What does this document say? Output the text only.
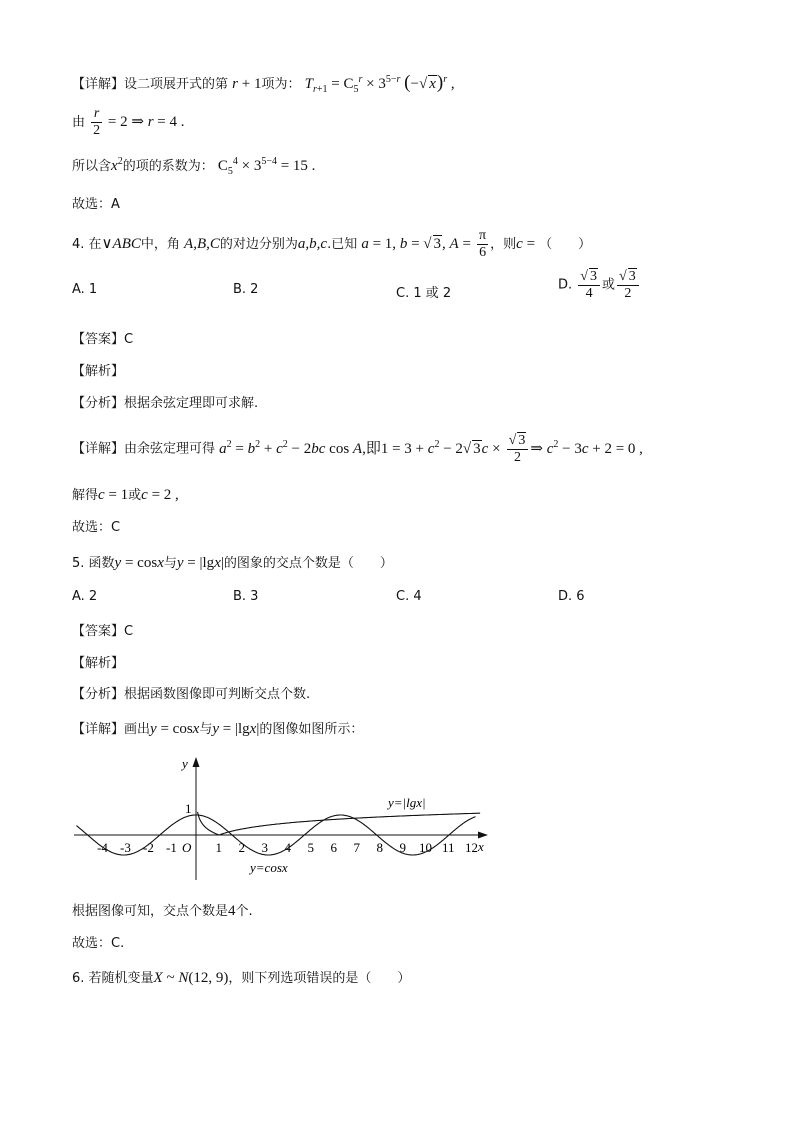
【详解】设二项展开式的第 r + 1项为： $T_{r+1} = C_5^r \times 3^{5-r}$ (−√ x)$^r$ ,
由 $\frac{r}{2} = 2$ ⇒ r = 4 .
所以含$x^2$的项的系数为： $C_5^4 \times 3^{5-4} = 15$ .
故选：A
4. 在∨ABC中，角 A,B,C的对边分别为a,b,c.已知 a = 1, b = √ 3, $A = \frac{\pi}{6}$ ，则c = （　　）
A. 1	B. 2	C. 1 或 2
D. $\frac{√ 3}{4}$ 或 $\frac{√ 3}{2}$
【答案】C
【解析】
【分析】根据余弦定理即可求解.
【详解】由余弦定理可得 $a^2 = b^2 + c^2 - 2bc$ cos A,即$1 = 3 + c^2 - 2√$ $3c \times \frac{√ 3}{2}$ ⇒ $c^2 - 3c + 2 = 0$ ,
解得c = 1或c = 2 ,
故选：C
5. 函数y = cosx与y = |lgx|的图象的交点个数是（　　）
A. 2	B. 3	C. 4	D. 6
【答案】C
【解析】
【分析】根据函数图像即可判断交点个数.
【详解】画出y = cosx与y = |lgx|的图像如图所示：
y
x
O
1
-4 -3 -2 -1	1 2 3 4 5 6 7 8 9 10 11 12
y=|lgx|
y=cosx
根据图像可知，交点个数是4个.
故选：C.
6. 若随机变量X ~ N(12, 9)，则下列选项错误的是（　　）
